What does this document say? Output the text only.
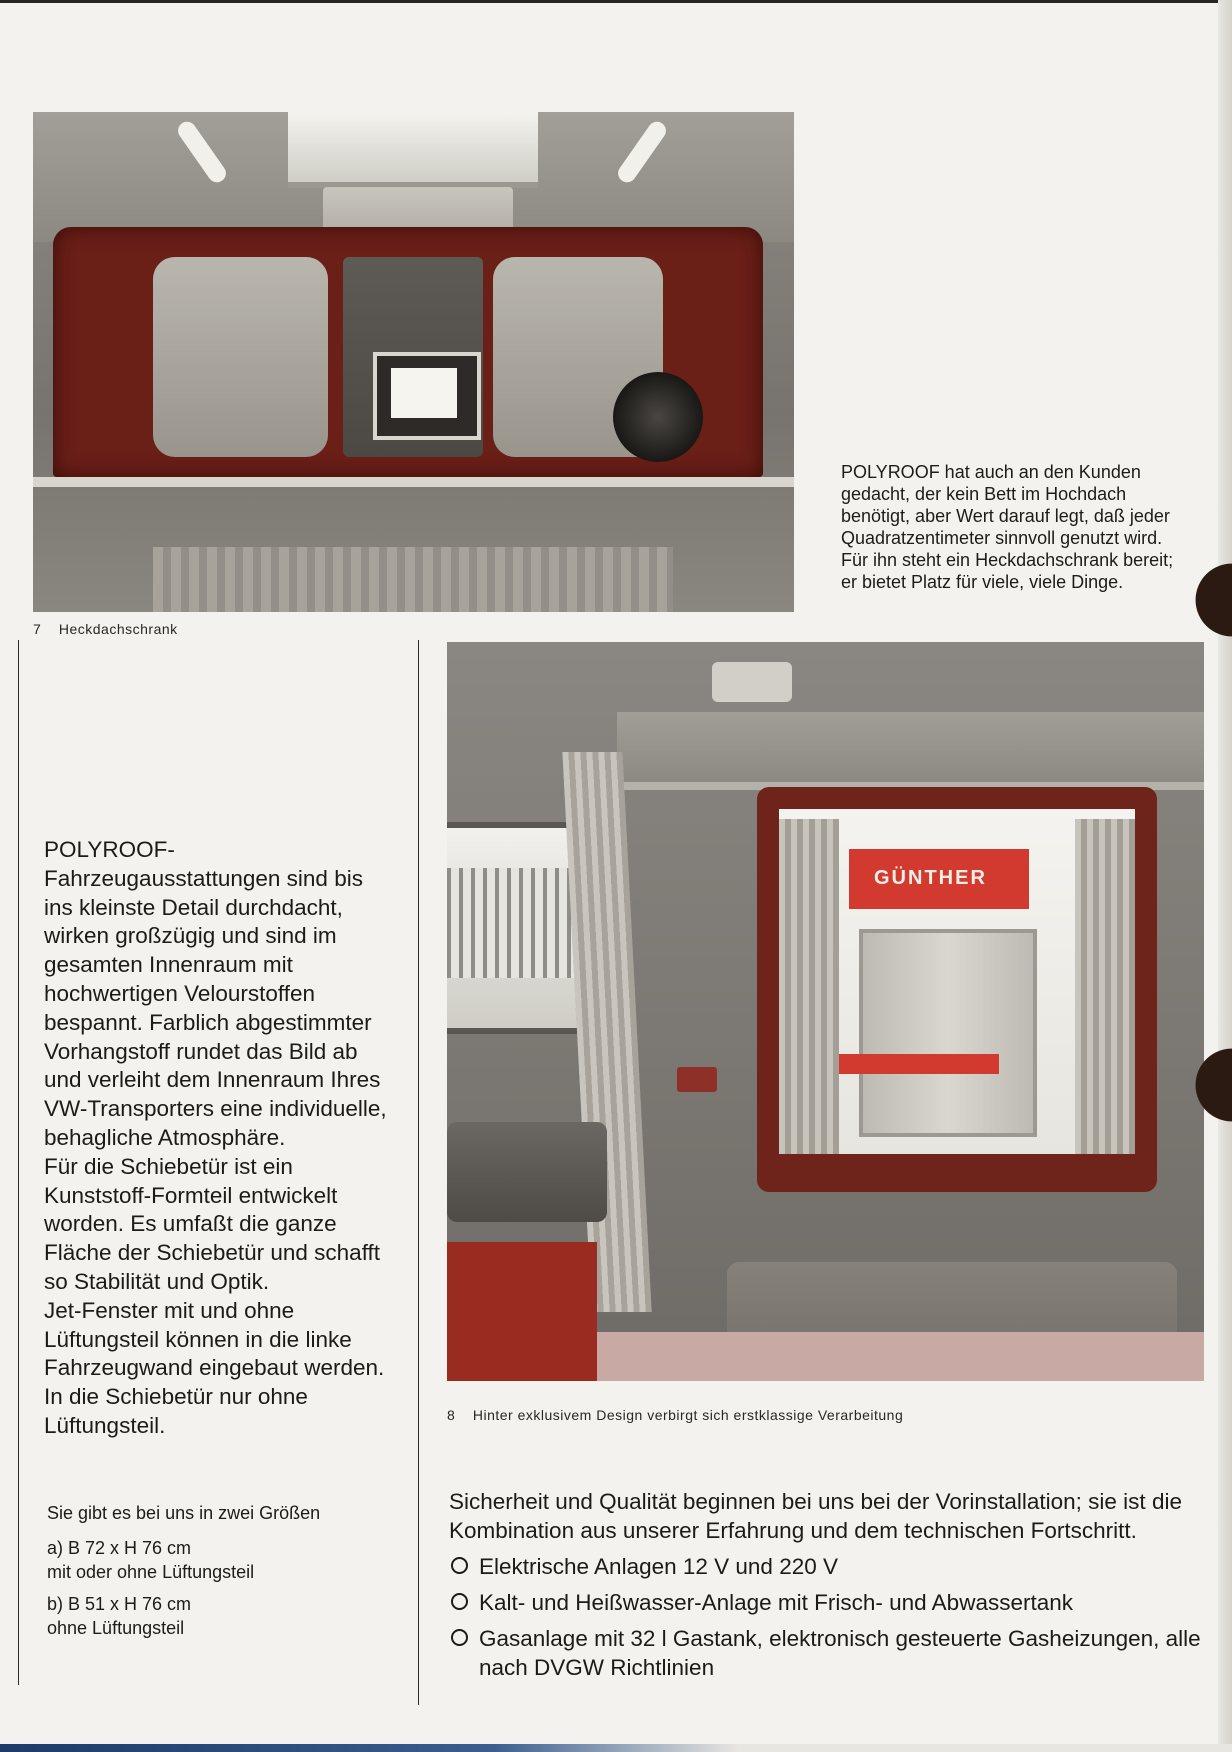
7 Heckdachschrank
POLYROOF hat auch an den Kunden gedacht, der kein Bett im Hochdach benötigt, aber Wert darauf legt, daß jeder Quadratzentimeter sinnvoll genutzt wird. Für ihn steht ein Heckdachschrank bereit; er bietet Platz für viele, viele Dinge.
GÜNTHER
8 Hinter exklusivem Design verbirgt sich erstklassige Verarbeitung

POLYROOF-Fahrzeugausstattungen sind bis ins kleinste Detail durchdacht, wirken großzügig und sind im gesamten Innenraum mit hochwertigen Velourstoffen bespannt. Farblich abgestimmter Vorhangstoff rundet das Bild ab und verleiht dem Innenraum Ihres VW-Transporters eine individuelle, behagliche Atmosphäre.

Für die Schiebetür ist ein Kunststoff-Formteil entwickelt worden. Es umfaßt die ganze Fläche der Schiebetür und schafft so Stabilität und Optik.

Jet-Fenster mit und ohne Lüftungsteil können in die linke Fahrzeugwand eingebaut werden. In die Schiebetür nur ohne Lüftungsteil.

Sie gibt es bei uns in zwei Größen

a) B 72 x H 76 cm
mit oder ohne Lüftungsteil
b) B 51 x H 76 cm
ohne Lüftungsteil

Sicherheit und Qualität beginnen bei uns bei der Vorinstallation; sie ist die Kombination aus unserer Erfahrung und dem technischen Fortschritt.

Elektrische Anlagen 12 V und 220 V
Kalt- und Heißwasser-Anlage mit Frisch- und Abwassertank
Gasanlage mit 32 l Gastank, elektronisch gesteuerte Gasheizungen, alle nach DVGW Richtlinien
